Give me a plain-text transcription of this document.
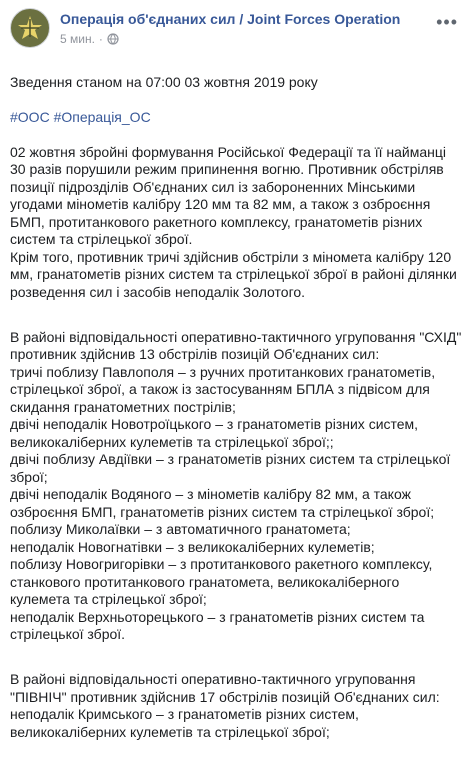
Операція об'єднаних сил / Joint Forces Operation
5 мин. ·
•••

Зведення станом на 07:00 03 жовтня 2019 року

#ООС #Операція_ОС

02 жовтня збройні формування Російської Федерації та її найманці 30 разів порушили режим припинення вогню. Противник обстріляв позиції підрозділів Об'єднаних сил із забороненних Мінськими угодами мінометів калібру 120 мм та 82 мм, а також з озброєння БМП, протитанкового ракетного комплексу, гранатометів різних систем та стрілецької зброї.
Крім того, противник тричі здійснив обстріли з міномета калібру 120 мм, гранатометів різних систем та стрілецької зброї в районі ділянки розведення сил і засобів неподалік Золотого.

В районі відповідальності оперативно-тактичного угруповання "СХІД" противник здійснив 13 обстрілів позицій Об'єднаних сил:
тричі поблизу Павлополя – з ручних протитанкових гранатометів, стрілецької зброї, а також із застосуванням БПЛА з підвісом для скидання гранатометних пострілів;
двічі неподалік Новотроїцького – з гранатометів різних систем, великокаліберних кулеметів та стрілецької зброї;;
двічі поблизу Авдіївки – з гранатометів різних систем та стрілецької зброї;
двічі неподалік Водяного – з мінометів калібру 82 мм, а також озброєння БМП, гранатометів різних систем та стрілецької зброї;
поблизу Миколаївки – з автоматичного гранатомета;
неподалік Новогнатівки – з великокаліберних кулеметів;
поблизу Новогригорівки – з протитанкового ракетного комплексу, станкового протитанкового гранатомета, великокаліберного кулемета та стрілецької зброї;
неподалік Верхньоторецького – з гранатометів різних систем та стрілецької зброї.

В районі відповідальності оперативно-тактичного угруповання "ПІВНІЧ" противник здійснив 17 обстрілів позицій Об'єднаних сил:
неподалік Кримського – з гранатометів різних систем, великокаліберних кулеметів та стрілецької зброї;
